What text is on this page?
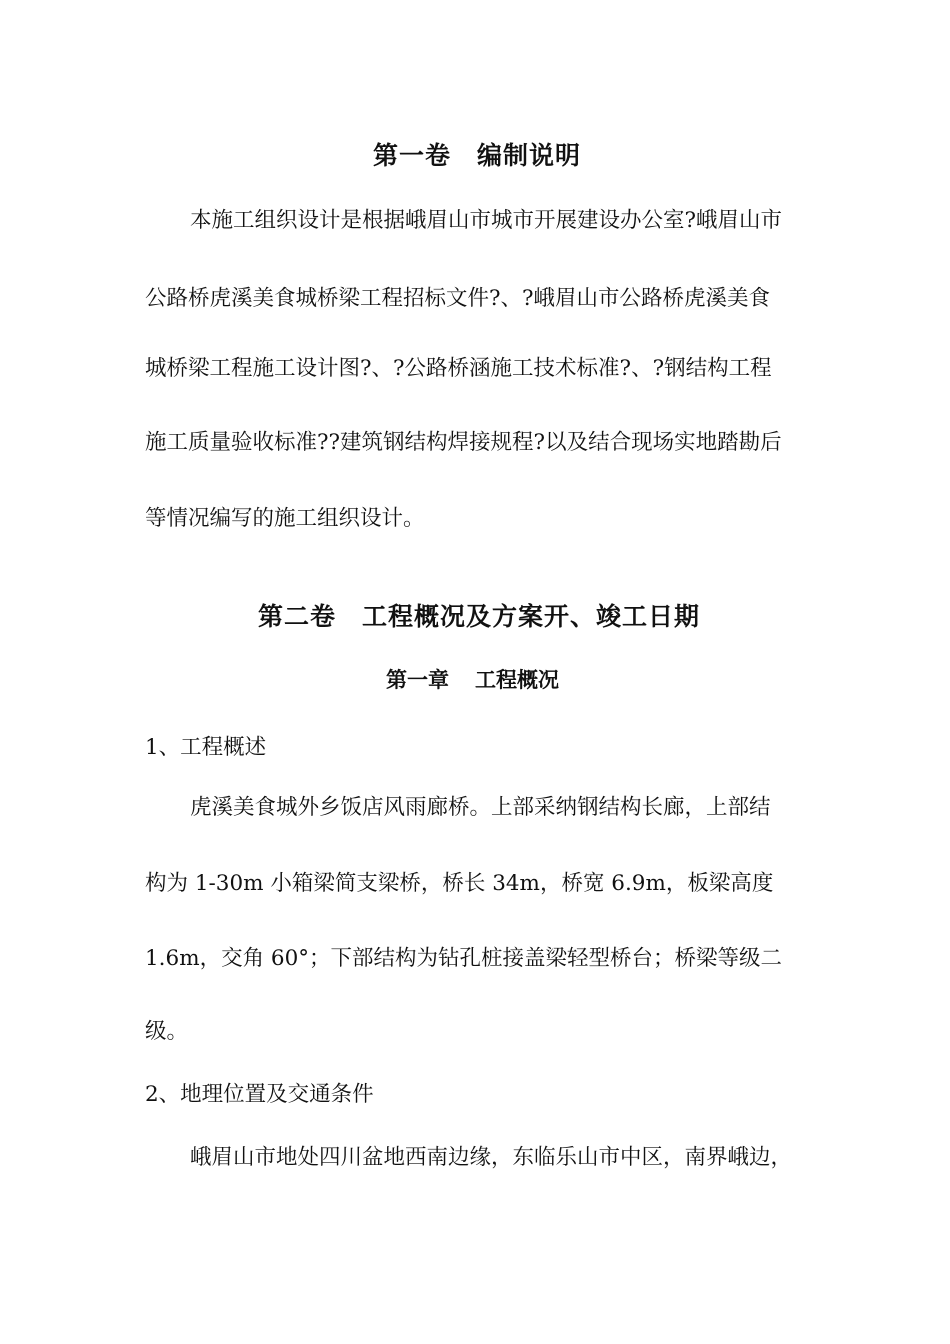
第一卷 编制说明

本施工组织设计是根据峨眉山市城市开展建设办公室?峨眉山市

公路桥虎溪美食城桥梁工程招标文件?、?峨眉山市公路桥虎溪美食

城桥梁工程施工设计图?、?公路桥涵施工技术标准?、?钢结构工程

施工质量验收标准??建筑钢结构焊接规程?以及结合现场实地踏勘后

等情况编写的施工组织设计。

第二卷 工程概况及方案开、竣工日期
第一章 工程概况
1、工程概述

虎溪美食城外乡饭店风雨廊桥。上部采纳钢结构长廊，上部结

构为 1-30m 小箱梁简支梁桥，桥长 34m，桥宽 6.9m，板梁高度

1.6m，交角 60°；下部结构为钻孔桩接盖梁轻型桥台；桥梁等级二

级。

2、地理位置及交通条件

峨眉山市地处四川盆地西南边缘，东临乐山市中区，南界峨边，
